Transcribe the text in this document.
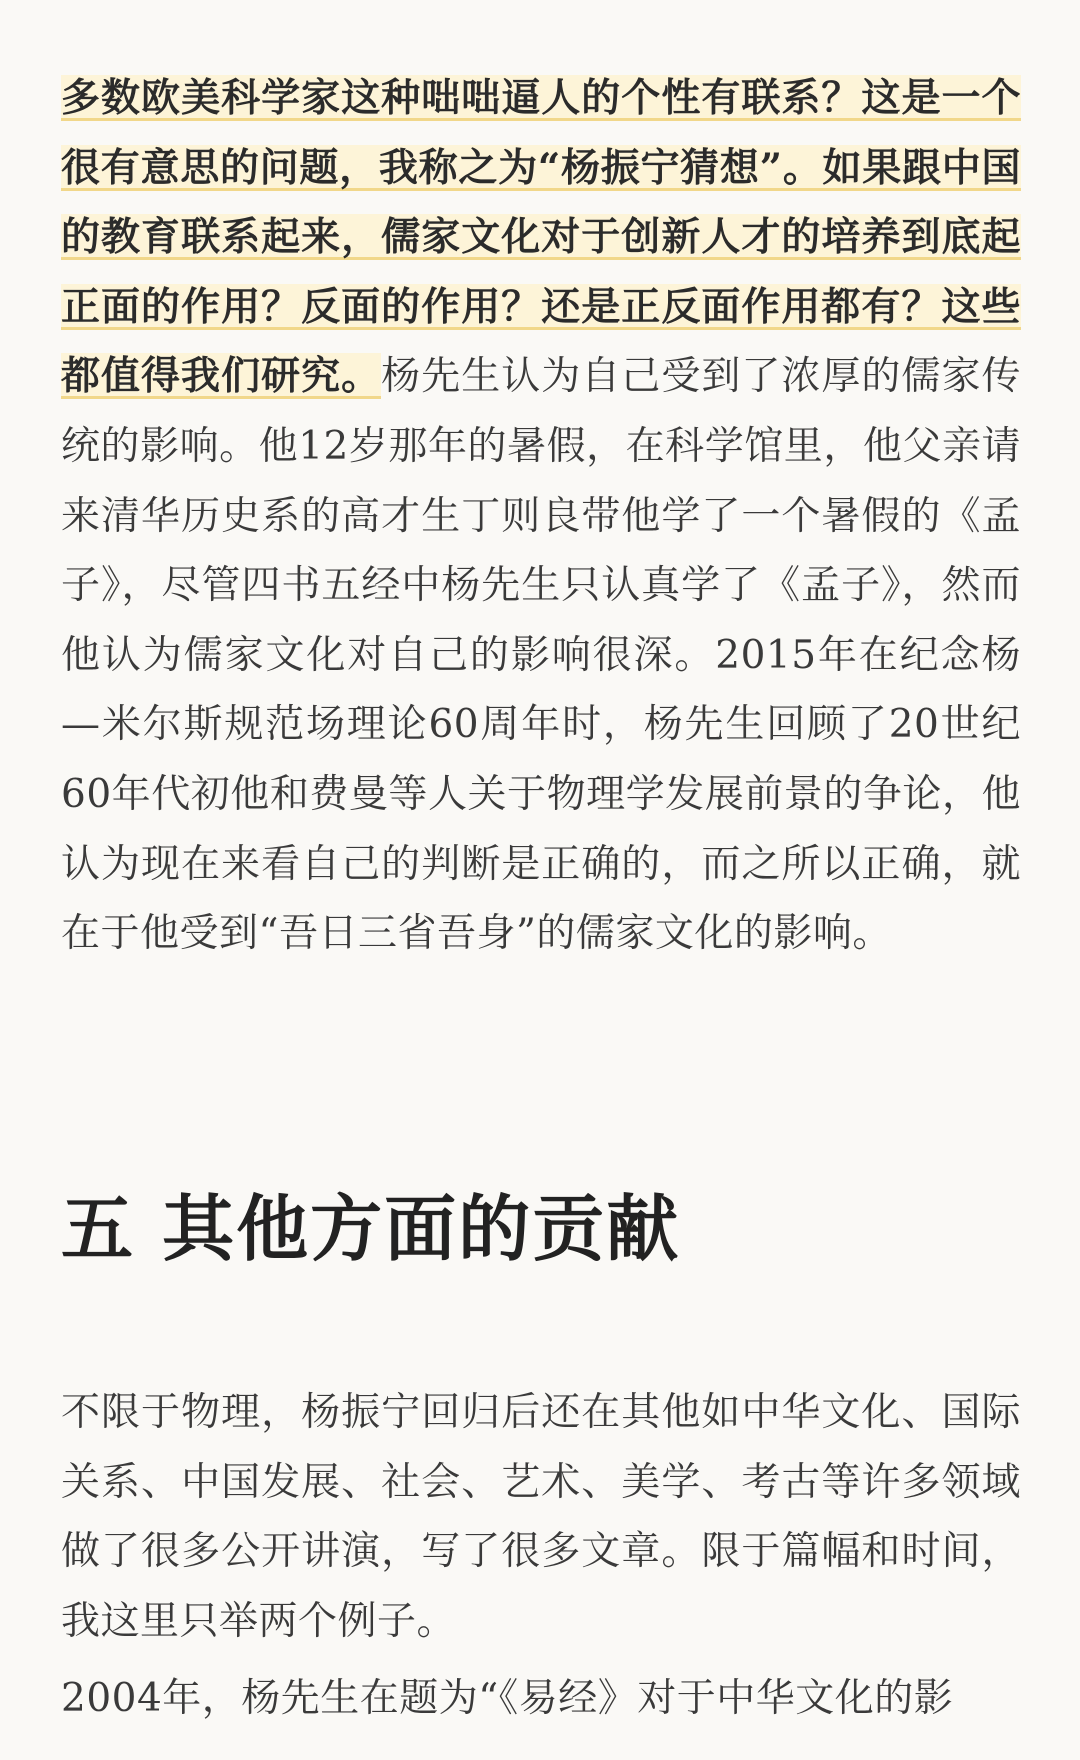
多数欧美科学家这种咄咄逼人的个性有联系？这是一个很有意思的问题，我称之为“杨振宁猜想”。如果跟中国的教育联系起来，儒家文化对于创新人才的培养到底起正面的作用？反面的作用？还是正反面作用都有？这些都值得我们研究。杨先生认为自己受到了浓厚的儒家传统的影响。他12岁那年的暑假，在科学馆里，他父亲请来清华历史系的高才生丁则良带他学了一个暑假的《孟子》，尽管四书五经中杨先生只认真学了《孟子》，然而他认为儒家文化对自己的影响很深。2015年在纪念杨—米尔斯规范场理论60周年时，杨先生回顾了20世纪60年代初他和费曼等人关于物理学发展前景的争论，他认为现在来看自己的判断是正确的，而之所以正确，就在于他受到“吾日三省吾身”的儒家文化的影响。

五 其他方面的贡献

不限于物理，杨振宁回归后还在其他如中华文化、国际关系、中国发展、社会、艺术、美学、考古等许多领域做了很多公开讲演，写了很多文章。限于篇幅和时间，我这里只举两个例子。

2004年，杨先生在题为“《易经》对于中华文化的影
